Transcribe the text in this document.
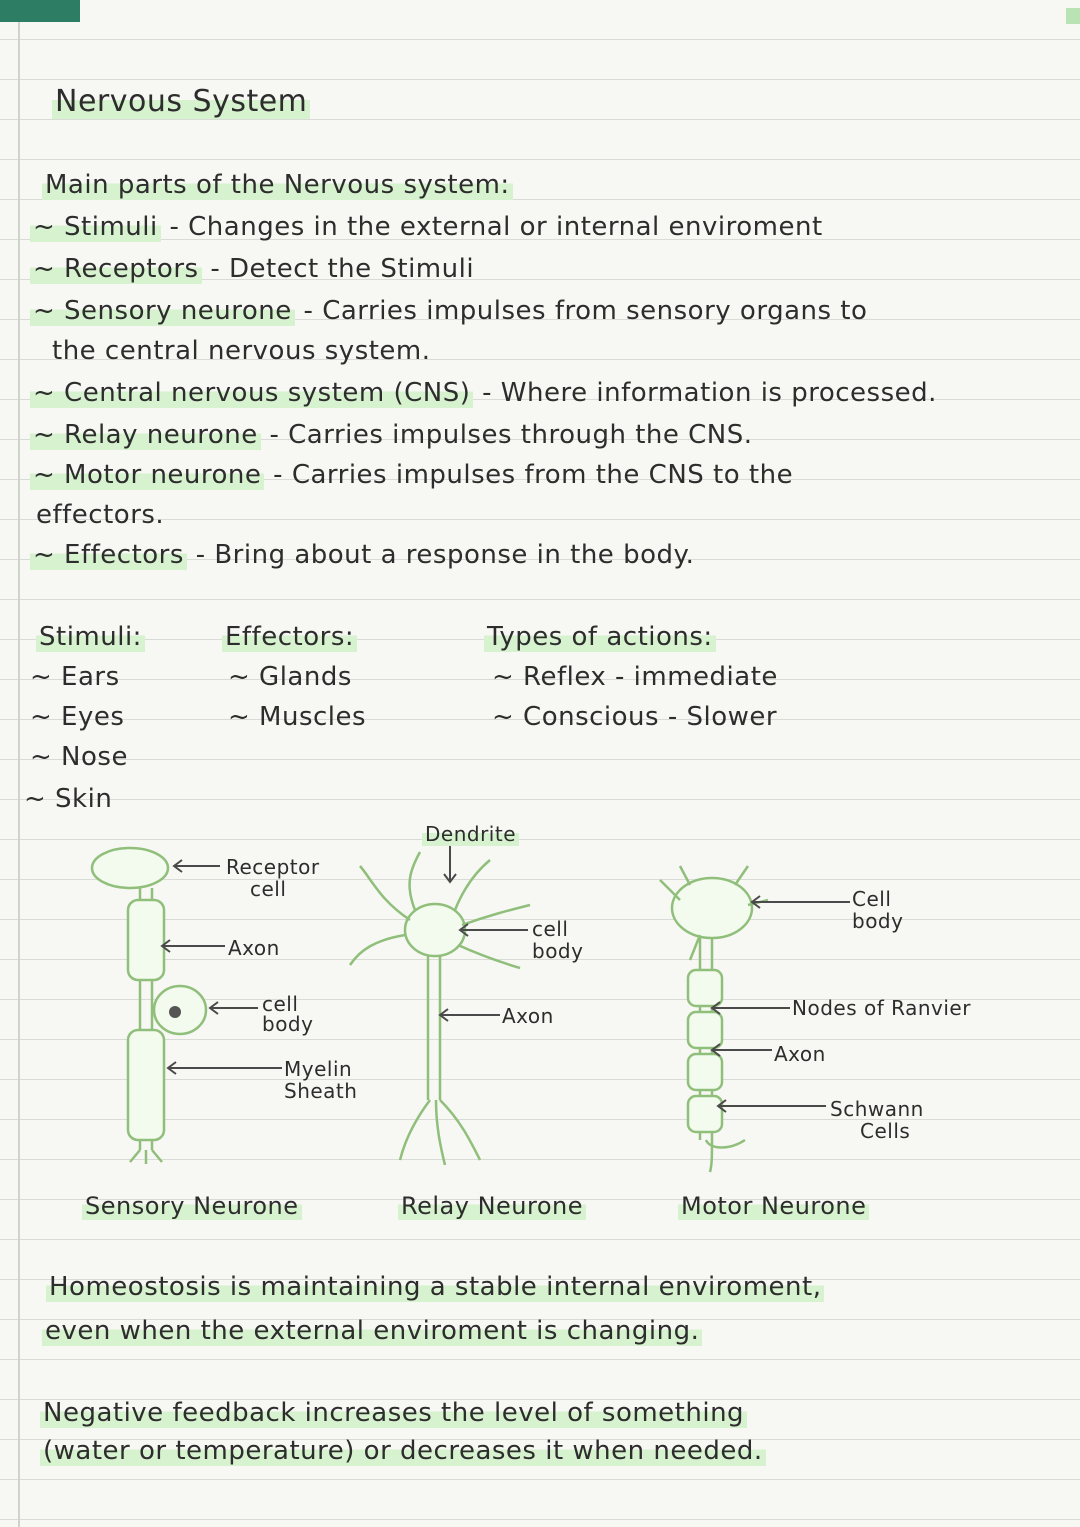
Nervous System
Main parts of the Nervous system:
~ Stimuli - Changes in the external or internal enviroment
~ Receptors - Detect the Stimuli
~ Sensory neurone - Carries impulses from sensory organs to
the central nervous system.
~ Central nervous system (CNS) - Where information is processed.
~ Relay neurone - Carries impulses through the CNS.
~ Motor neurone - Carries impulses from the CNS to the
effectors.
~ Effectors - Bring about a response in the body.
Stimuli:
~ Ears
~ Eyes
~ Nose
~ Skin
Effectors:
~ Glands
~ Muscles
Types of actions:
~ Reflex - immediate
~ Conscious - Slower
Receptor
cell
Axon
cell
body
Myelin
Sheath
Dendrite
cell
body
Axon
Cell
body
Nodes of Ranvier
Axon
Schwann
Cells
Sensory Neurone	Relay Neurone	Motor Neurone
Homeostosis is maintaining a stable internal enviroment,
even when the external enviroment is changing.
Negative feedback increases the level of something
(water or temperature) or decreases it when needed.
